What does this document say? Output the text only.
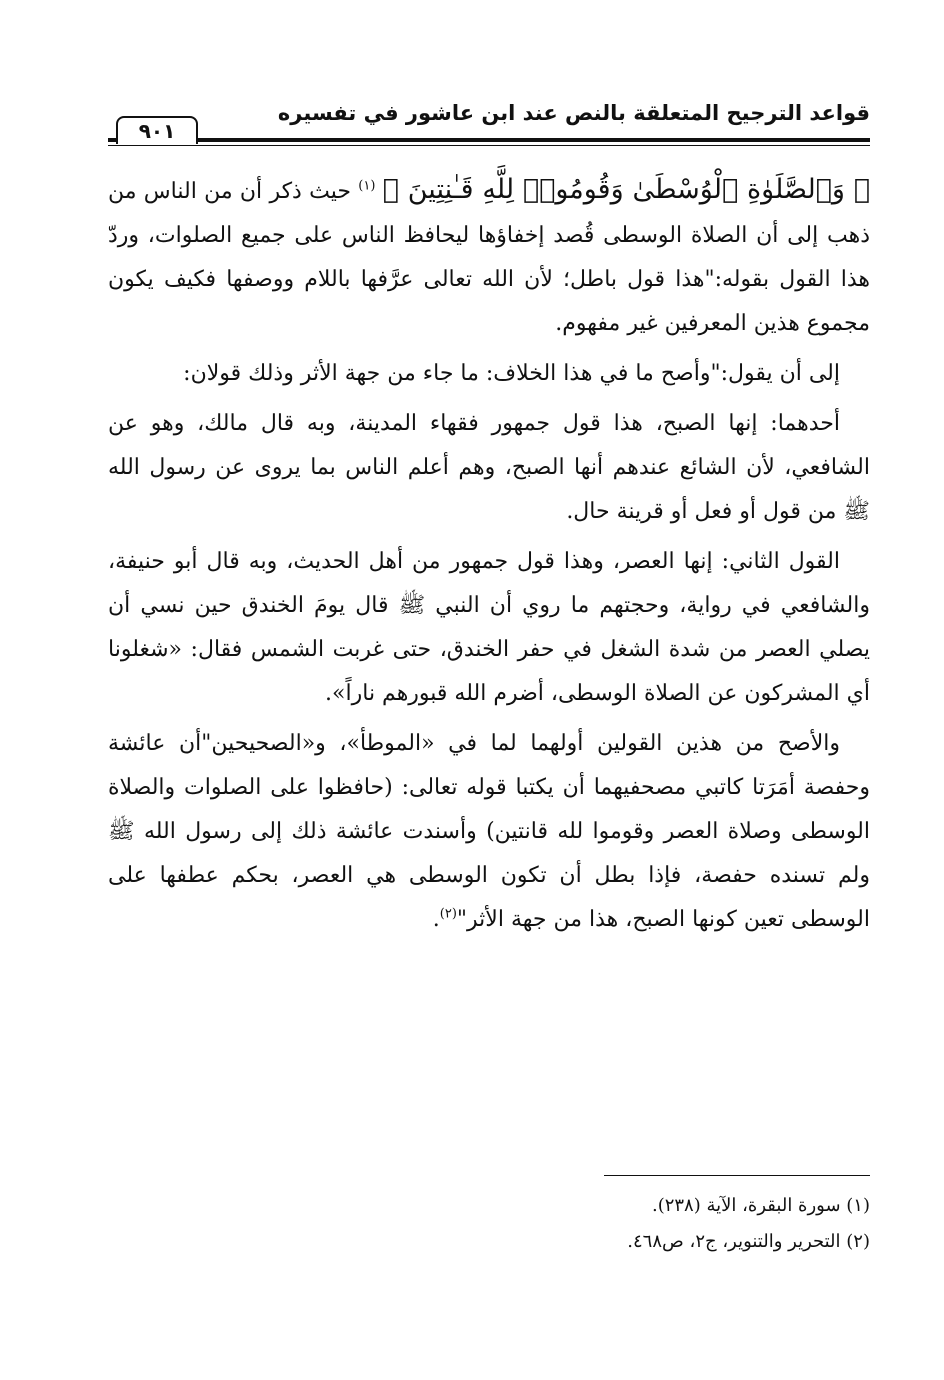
قواعد الترجيح المتعلقة بالنص عند ابن عاشور في تفسيره
٩٠١

﴿ وَٱلصَّلَوٰةِ ٱلْوُسْطَىٰ وَقُومُوا۟ لِلَّهِ قَـٰنِتِينَ ﴾ $^{(١)}$ حيث ذكر أن من الناس من ذهب إلى أن الصلاة الوسطى قُصد إخفاؤها ليحافظ الناس على جميع الصلوات، وردّ هذا القول بقوله:"هذا قول باطل؛ لأن الله تعالى عرَّفها باللام ووصفها فكيف يكون مجموع هذين المعرفين غير مفهوم.

إلى أن يقول:"وأصح ما في هذا الخلاف: ما جاء من جهة الأثر وذلك قولان:

أحدهما: إنها الصبح، هذا قول جمهور فقهاء المدينة، وبه قال مالك، وهو عن الشافعي، لأن الشائع عندهم أنها الصبح، وهم أعلم الناس بما يروى عن رسول الله ﷺ من قول أو فعل أو قرينة حال.

القول الثاني: إنها العصر، وهذا قول جمهور من أهل الحديث، وبه قال أبو حنيفة، والشافعي في رواية، وحجتهم ما روي أن النبي ﷺ قال يومَ الخندق حين نسي أن يصلي العصر من شدة الشغل في حفر الخندق، حتى غربت الشمس فقال: «شغلونا أي المشركون عن الصلاة الوسطى، أضرم الله قبورهم ناراً».

والأصح من هذين القولين أولهما لما في «الموطأ»، و«الصحيحين"أن عائشة وحفصة أمَرَتا كاتبي مصحفيهما أن يكتبا قوله تعالى: (حافظوا على الصلوات والصلاة الوسطى وصلاة العصر وقوموا لله قانتين) وأسندت عائشة ذلك إلى رسول الله ﷺ ولم تسنده حفصة، فإذا بطل أن تكون الوسطى هي العصر، بحكم عطفها على الوسطى تعين كونها الصبح، هذا من جهة الأثر"$^{(٢)}$.

(١) سورة البقرة، الآية (٢٣٨).

(٢) التحرير والتنوير، ج٢، ص٤٦٨.
